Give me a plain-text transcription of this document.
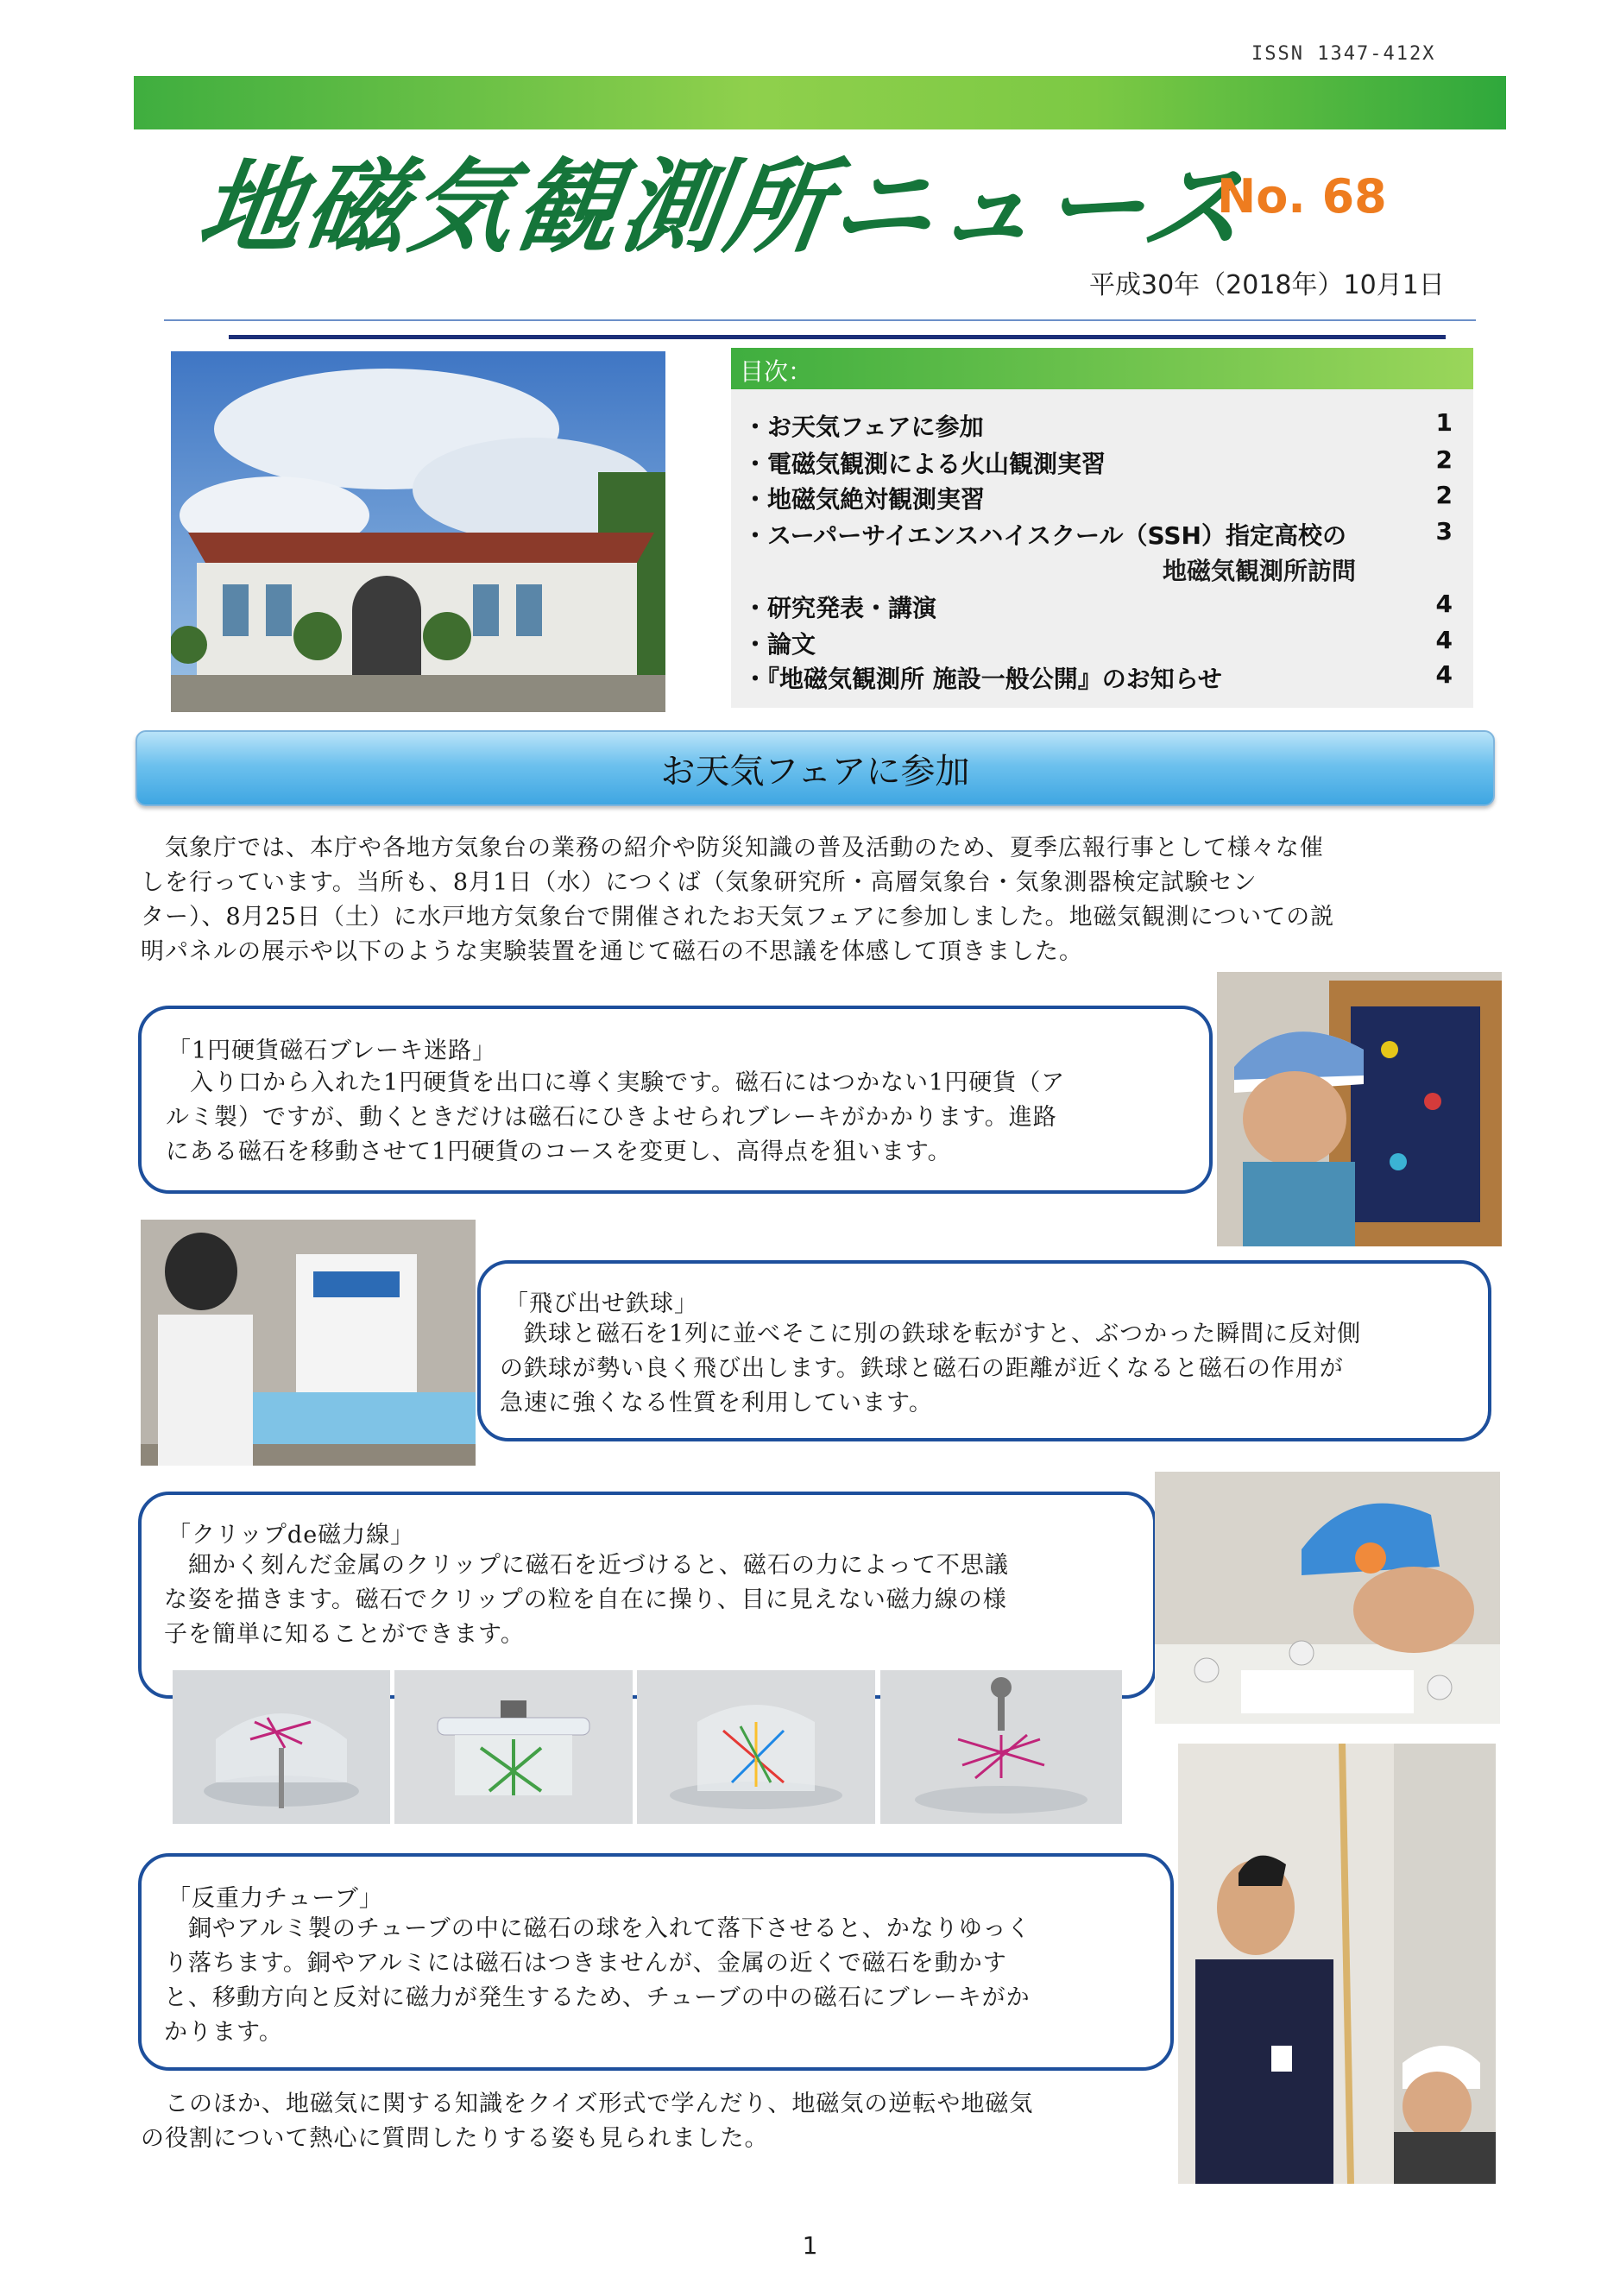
ISSN 1347-412X
地磁気観測所ニュース
No. 68
平成30年（2018年）10月1日
目次：
・お天気フェアに参加	1
・電磁気観測による火山観測実習	2
・地磁気絶対観測実習	2
・スーパーサイエンスハイスクール（SSH）指定高校の	3
地磁気観測所訪問
・研究発表・講演	4
・論文	4
・『地磁気観測所 施設一般公開』のお知らせ	4
お天気フェアに参加
　気象庁では、本庁や各地方気象台の業務の紹介や防災知識の普及活動のため、夏季広報行事として様々な催
しを行っています。当所も、8月1日（水）につくば（気象研究所・高層気象台・気象測器検定試験セン
ター）、8月25日（土）に水戸地方気象台で開催されたお天気フェアに参加しました。地磁気観測についての説
明パネルの展示や以下のような実験装置を通じて磁石の不思議を体感して頂きました。
「1円硬貨磁石ブレーキ迷路」
　入り口から入れた1円硬貨を出口に導く実験です。磁石にはつかない1円硬貨（ア
ルミ製）ですが、動くときだけは磁石にひきよせられブレーキがかかります。進路
にある磁石を移動させて1円硬貨のコースを変更し、高得点を狙います。
「飛び出せ鉄球」
　鉄球と磁石を1列に並べそこに別の鉄球を転がすと、ぶつかった瞬間に反対側
の鉄球が勢い良く飛び出します。鉄球と磁石の距離が近くなると磁石の作用が
急速に強くなる性質を利用しています。
「クリップde磁力線」
　細かく刻んだ金属のクリップに磁石を近づけると、磁石の力によって不思議
な姿を描きます。磁石でクリップの粒を自在に操り、目に見えない磁力線の様
子を簡単に知ることができます。
「反重力チューブ」
　銅やアルミ製のチューブの中に磁石の球を入れて落下させると、かなりゆっく
り落ちます。銅やアルミには磁石はつきませんが、金属の近くで磁石を動かす
と、移動方向と反対に磁力が発生するため、チューブの中の磁石にブレーキがか
かります。
　このほか、地磁気に関する知識をクイズ形式で学んだり、地磁気の逆転や地磁気
の役割について熱心に質問したりする姿も見られました。
1
